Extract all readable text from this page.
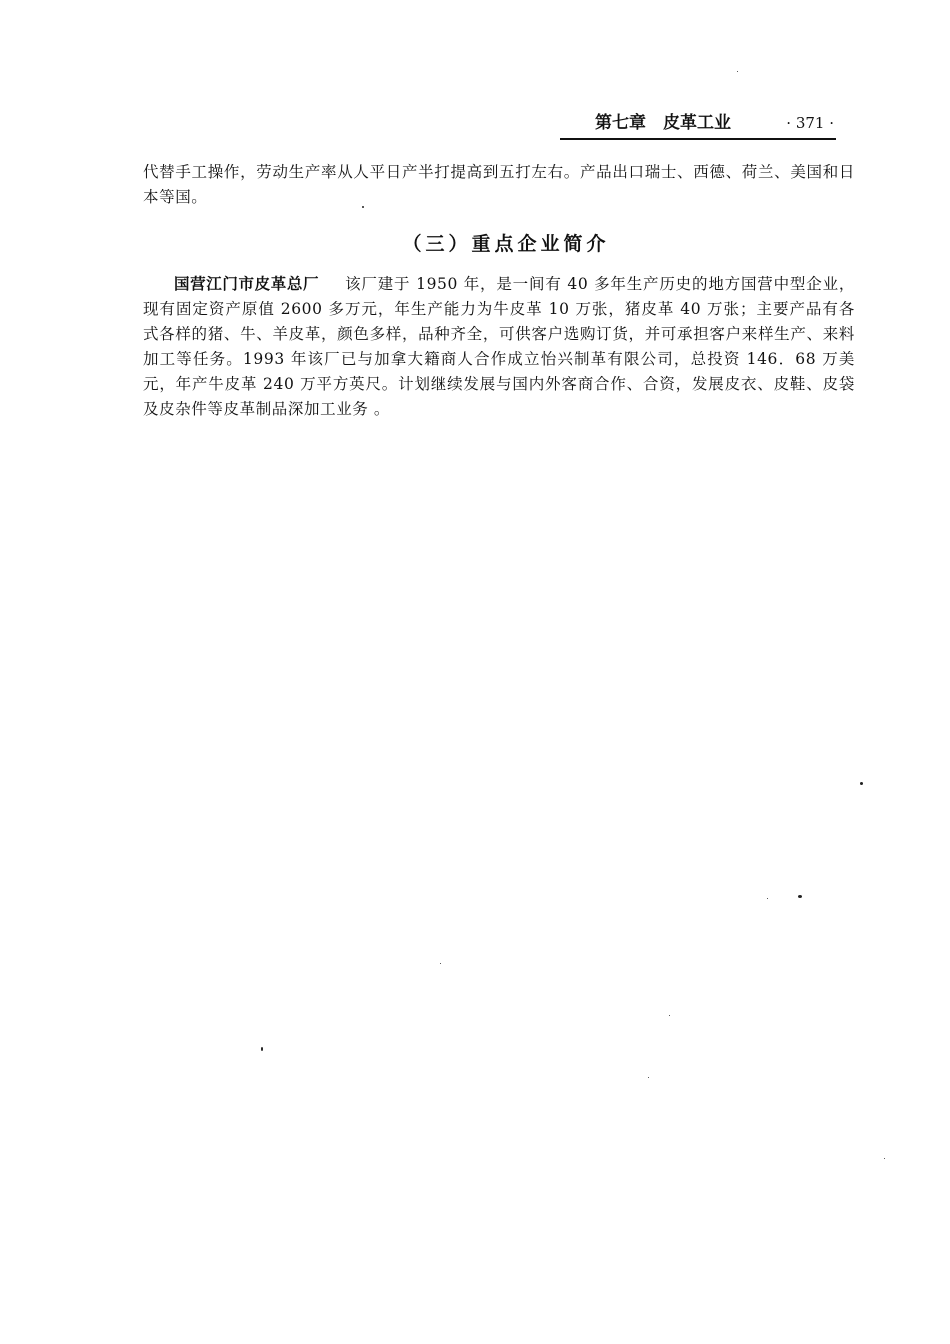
第七章　皮革工业	· 371 ·

代替手工操作，劳动生产率从人平日产半打提高到五打左右。产品出口瑞士、西德、荷兰、美国和日本等国。

（三）重点企业简介

国营江门市皮革总厂 该厂建于 1950 年，是一间有 40 多年生产历史的地方国营中型企业，现有固定资产原值 2600 多万元，年生产能力为牛皮革 10 万张，猪皮革 40 万张；主要产品有各式各样的猪、牛、羊皮革，颜色多样，品种齐全，可供客户选购订货，并可承担客户来样生产、来料加工等任务。1993 年该厂已与加拿大籍商人合作成立怡兴制革有限公司，总投资 146．68 万美元，年产牛皮革 240 万平方英尺。计划继续发展与国内外客商合作、合资，发展皮衣、皮鞋、皮袋及皮杂件等皮革制品深加工业务 。
